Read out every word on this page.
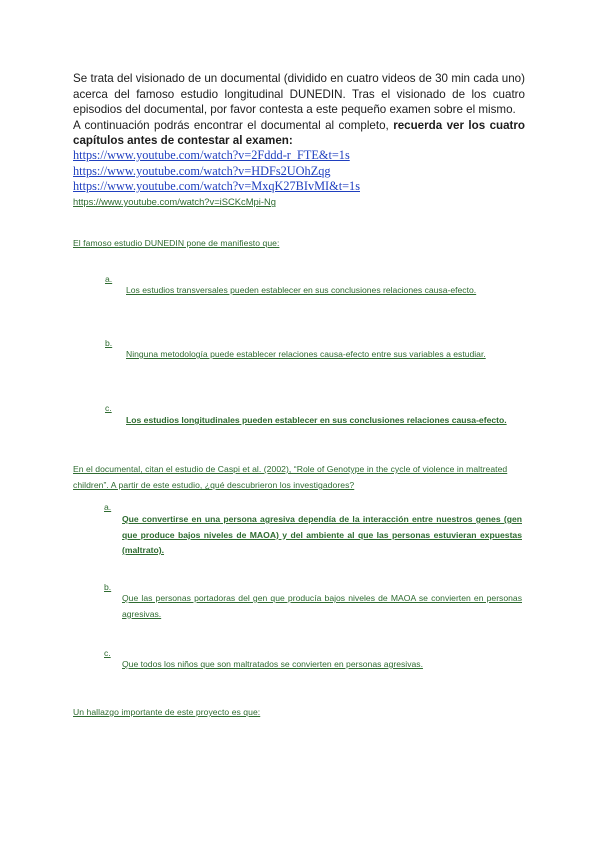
Se trata del visionado de un documental (dividido en cuatro videos de 30 min cada uno) acerca del famoso estudio longitudinal DUNEDIN. Tras el visionado de los cuatro episodios del documental, por favor contesta a este pequeño examen sobre el mismo.
A continuación podrás encontrar el documental al completo, recuerda ver los cuatro capítulos antes de contestar al examen:
https://www.youtube.com/watch?v=2Fddd-r_FTE&t=1s
https://www.youtube.com/watch?v=HDFs2UOhZqg
https://www.youtube.com/watch?v=MxqK27BIvMI&t=1s
https://www.youtube.com/watch?v=iSCKcMpi-Ng
El famoso estudio DUNEDIN pone de manifiesto que:
a.
Los estudios transversales pueden establecer en sus conclusiones relaciones causa-efecto.
b.
Ninguna metodología puede establecer relaciones causa-efecto entre sus variables a estudiar.
c.
Los estudios longitudinales pueden establecer en sus conclusiones relaciones causa-efecto.
En el documental, citan el estudio de Caspi et al. (2002), “Role of Genotype in the cycle of violence in maltreated children”. A partir de este estudio, ¿qué descubrieron los investigadores?
a.
Que convertirse en una persona agresiva dependía de la interacción entre nuestros genes (gen que produce bajos niveles de MAOA) y del ambiente al que las personas estuvieran expuestas (maltrato).
b.
Que las personas portadoras del gen que producía bajos niveles de MAOA se convierten en personas agresivas.
c.
Que todos los niños que son maltratados se convierten en personas agresivas.
Un hallazgo importante de este proyecto es que:
